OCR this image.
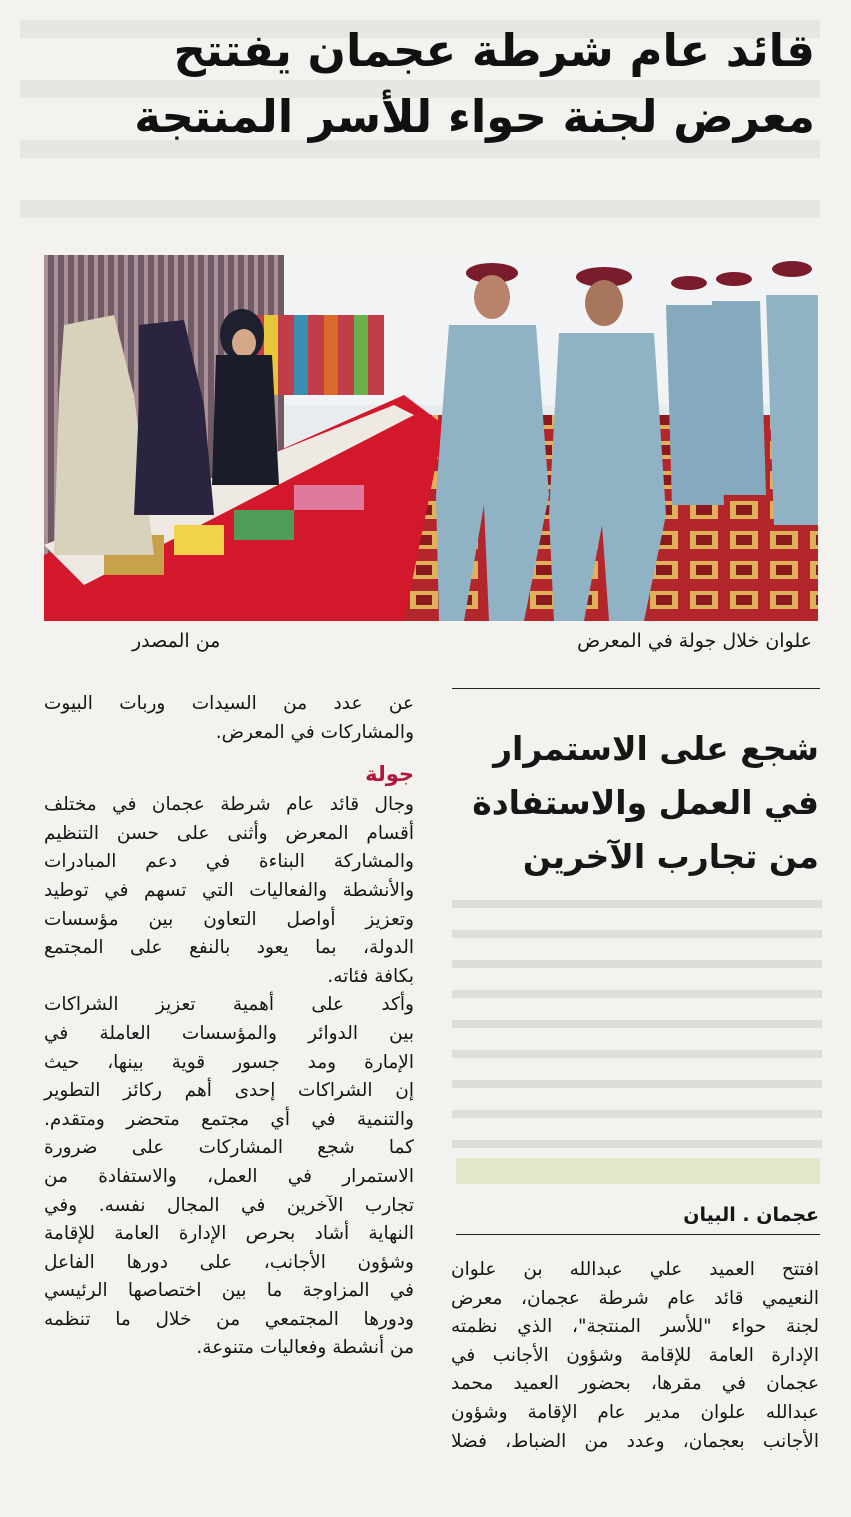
قائد عام شرطة عجمان يفتتح
معرض لجنة حواء للأسر المنتجة
علوان خلال جولة في المعرض
من المصدر
شجع على الاستمرار
في العمل والاستفادة
من تجارب الآخرين
عجمان . البيان
افتتح العميد علي عبدالله بن علوان
النعيمي قائد عام شرطة عجمان، معرض
لجنة حواء "للأسر المنتجة"، الذي نظمته
الإدارة العامة للإقامة وشؤون الأجانب في
عجمان في مقرها، بحضور العميد محمد
عبدالله علوان مدير عام الإقامة وشؤون
الأجانب بعجمان، وعدد من الضباط، فضلا

عن عدد من السيدات وربات البيوت
والمشاركات في المعرض.

جولة

وجال قائد عام شرطة عجمان في مختلف
أقسام المعرض وأثنى على حسن التنظيم
والمشاركة البناءة في دعم المبادرات
والأنشطة والفعاليات التي تسهم في توطيد
وتعزيز أواصل التعاون بين مؤسسات
الدولة، بما يعود بالنفع على المجتمع
بكافة فئاته.

وأكد على أهمية تعزيز الشراكات
بين الدوائر والمؤسسات العاملة في
الإمارة ومد جسور قوية بينها، حيث
إن الشراكات إحدى أهم ركائز التطوير
والتنمية في أي مجتمع متحضر ومتقدم.
كما شجع المشاركات على ضرورة
الاستمرار في العمل، والاستفادة من
تجارب الآخرين في المجال نفسه. وفي
النهاية أشاد بحرص الإدارة العامة للإقامة
وشؤون الأجانب، على دورها الفاعل
في المزاوجة ما بين اختصاصها الرئيسي
ودورها المجتمعي من خلال ما تنظمه
من أنشطة وفعاليات متنوعة.
